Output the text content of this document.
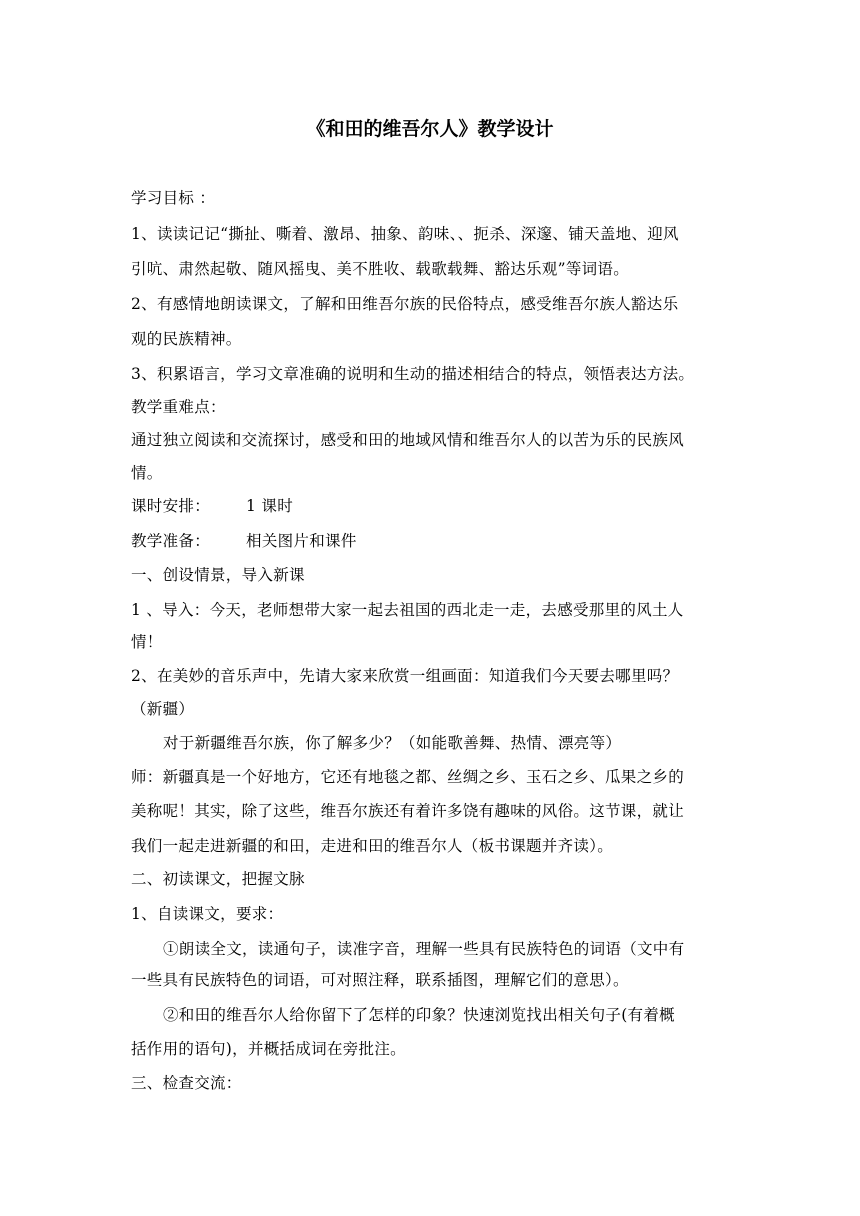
《和田的维吾尔人》教学设计
学习目标 ：
1、读读记记“撕扯、嘶着、激昂、抽象、韵味、、扼杀、深邃、铺天盖地、迎风
引吭、肃然起敬、随风摇曳、美不胜收、载歌载舞、豁达乐观”等词语。
2、有感情地朗读课文，了解和田维吾尔族的民俗特点，感受维吾尔族人豁达乐
观的民族精神。
3、积累语言，学习文章准确的说明和生动的描述相结合的特点，领悟表达方法。
教学重难点：
通过独立阅读和交流探讨，感受和田的地域风情和维吾尔人的以苦为乐的民族风
情。
课时安排： 1 课时
教学准备： 相关图片和课件
一、创设情景，导入新课
1 、导入：今天，老师想带大家一起去祖国的西北走一走，去感受那里的风土人
情！
2、在美妙的音乐声中，先请大家来欣赏一组画面：知道我们今天要去哪里吗？
（新疆）
对于新疆维吾尔族，你了解多少？（如能歌善舞、热情、漂亮等）
师：新疆真是一个好地方，它还有地毯之都、丝绸之乡、玉石之乡、瓜果之乡的
美称呢！其实，除了这些，维吾尔族还有着许多饶有趣味的风俗。这节课，就让
我们一起走进新疆的和田，走进和田的维吾尔人（板书课题并齐读）。
二、初读课文，把握文脉
1、自读课文，要求：
①朗读全文，读通句子，读准字音，理解一些具有民族特色的词语（文中有
一些具有民族特色的词语，可对照注释，联系插图，理解它们的意思）。
②和田的维吾尔人给你留下了怎样的印象？快速浏览找出相关句子(有着概
括作用的语句)，并概括成词在旁批注。
三、检查交流：
